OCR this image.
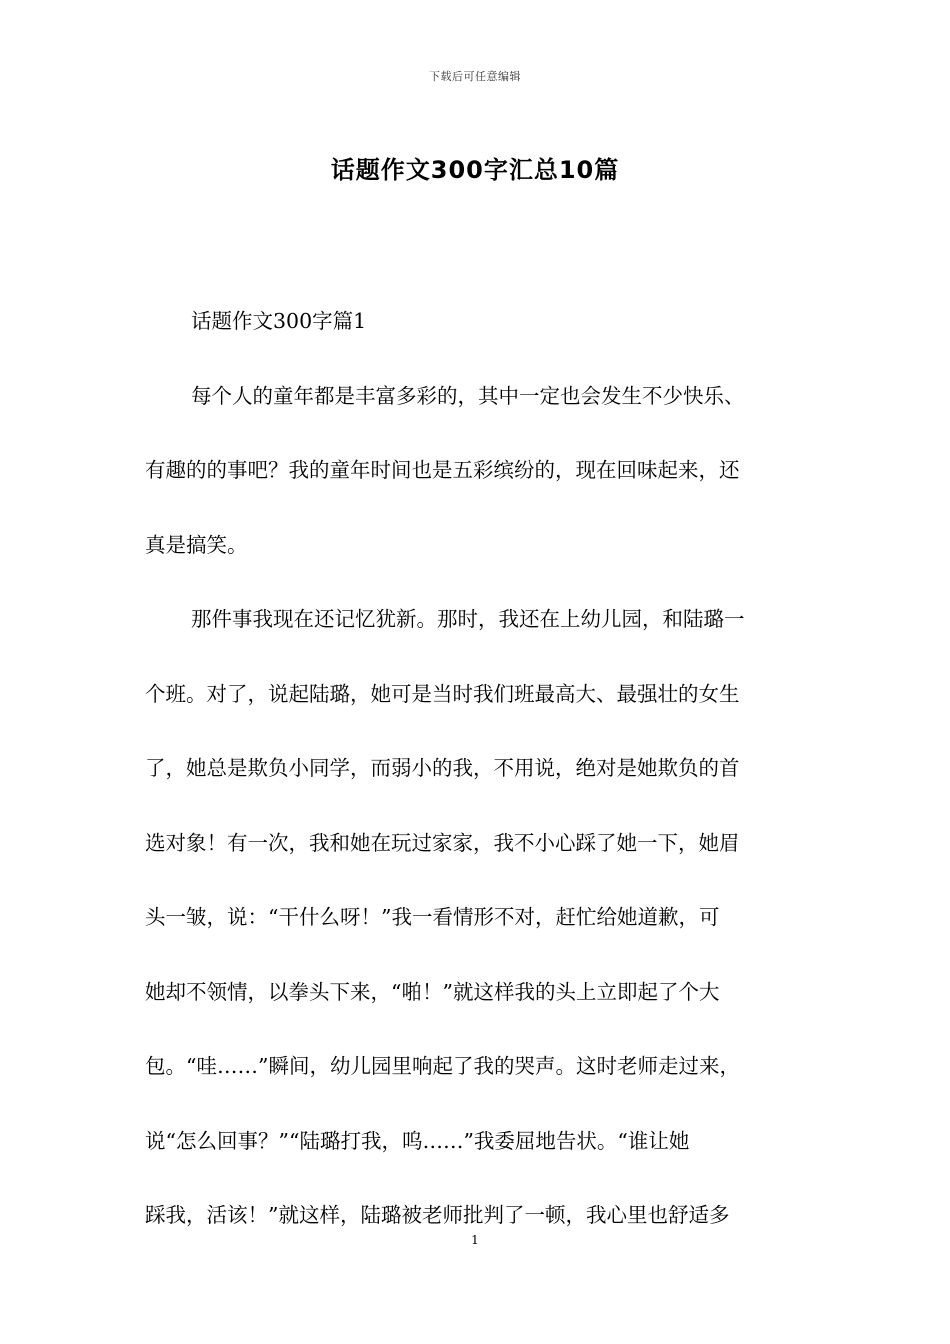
下载后可任意编辑
话题作文300字汇总10篇
话题作文300字篇1
每个人的童年都是丰富多彩的，其中一定也会发生不少快乐、
有趣的的事吧？我的童年时间也是五彩缤纷的，现在回味起来，还
真是搞笑。
那件事我现在还记忆犹新。那时，我还在上幼儿园，和陆璐一
个班。对了，说起陆璐，她可是当时我们班最高大、最强壮的女生
了，她总是欺负小同学，而弱小的我，不用说，绝对是她欺负的首
选对象！有一次，我和她在玩过家家，我不小心踩了她一下，她眉
头一皱，说：“干什么呀！”我一看情形不对，赶忙给她道歉，可
她却不领情，以拳头下来，“啪！”就这样我的头上立即起了个大
包。“哇……”瞬间，幼儿园里响起了我的哭声。这时老师走过来，
说“怎么回事？”“陆璐打我，呜……”我委屈地告状。“谁让她
踩我，活该！”就这样，陆璐被老师批判了一顿，我心里也舒适多
1
